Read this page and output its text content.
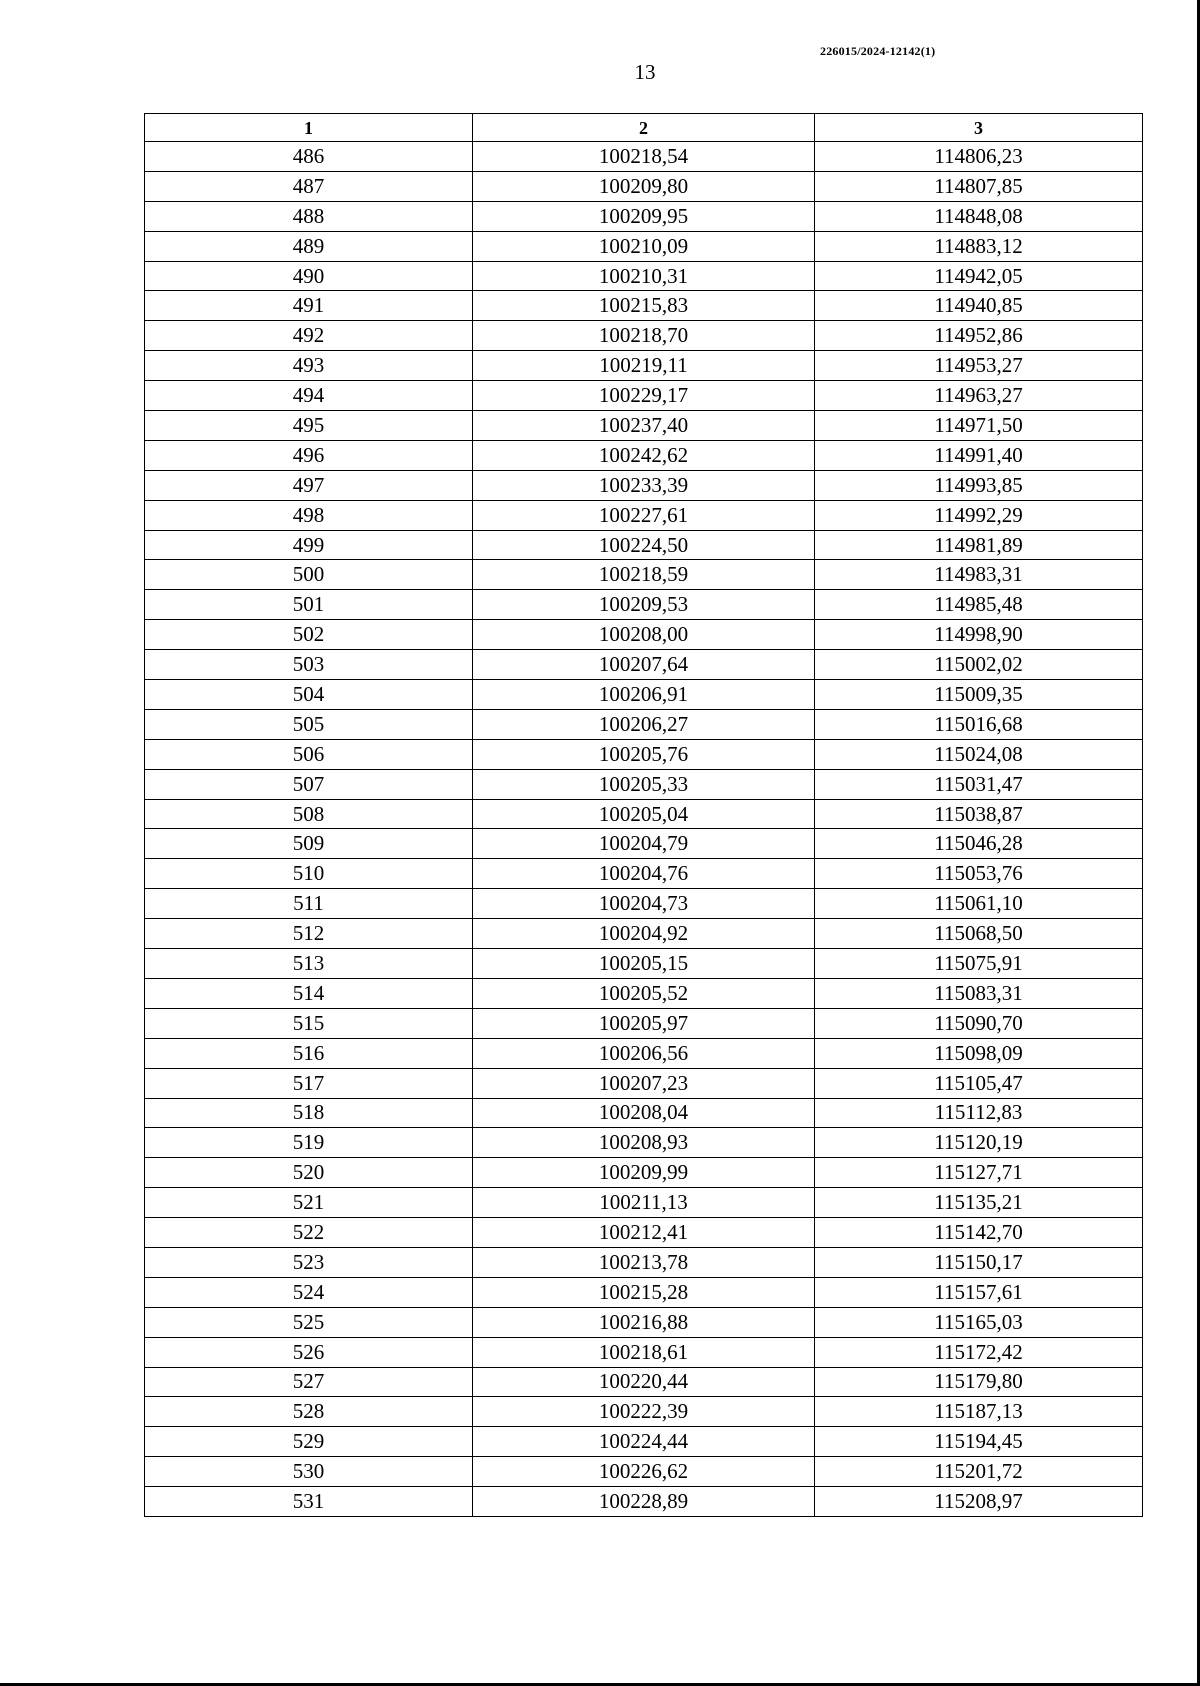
226015/2024-12142(1)
13
1	2	3
486	100218,54	114806,23
487	100209,80	114807,85
488	100209,95	114848,08
489	100210,09	114883,12
490	100210,31	114942,05
491	100215,83	114940,85
492	100218,70	114952,86
493	100219,11	114953,27
494	100229,17	114963,27
495	100237,40	114971,50
496	100242,62	114991,40
497	100233,39	114993,85
498	100227,61	114992,29
499	100224,50	114981,89
500	100218,59	114983,31
501	100209,53	114985,48
502	100208,00	114998,90
503	100207,64	115002,02
504	100206,91	115009,35
505	100206,27	115016,68
506	100205,76	115024,08
507	100205,33	115031,47
508	100205,04	115038,87
509	100204,79	115046,28
510	100204,76	115053,76
511	100204,73	115061,10
512	100204,92	115068,50
513	100205,15	115075,91
514	100205,52	115083,31
515	100205,97	115090,70
516	100206,56	115098,09
517	100207,23	115105,47
518	100208,04	115112,83
519	100208,93	115120,19
520	100209,99	115127,71
521	100211,13	115135,21
522	100212,41	115142,70
523	100213,78	115150,17
524	100215,28	115157,61
525	100216,88	115165,03
526	100218,61	115172,42
527	100220,44	115179,80
528	100222,39	115187,13
529	100224,44	115194,45
530	100226,62	115201,72
531	100228,89	115208,97
